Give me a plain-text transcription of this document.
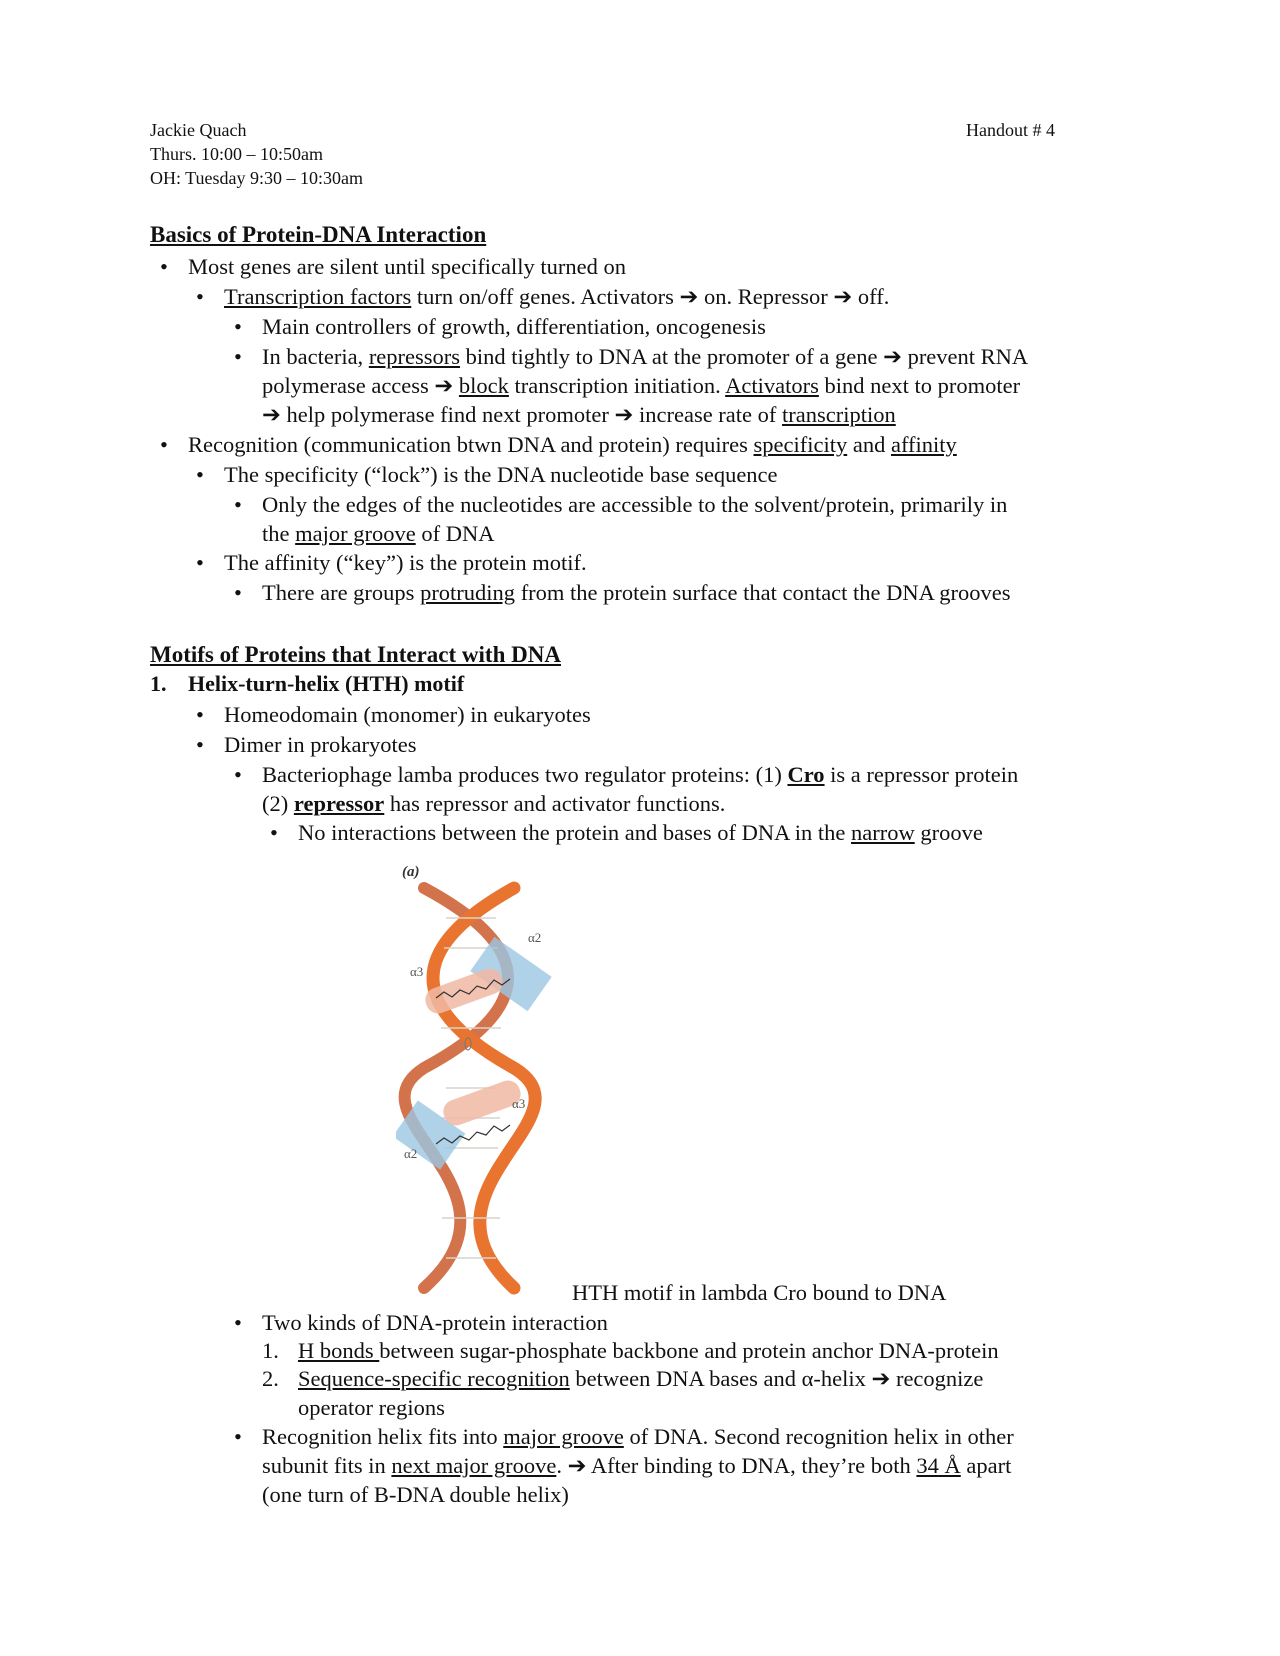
Jackie Quach
Thurs. 10:00 – 10:50am
OH: Tuesday 9:30 – 10:30am
Handout # 4
Basics of Protein-DNA Interaction
• Most genes are silent until specifically turned on
• Transcription factors turn on/off genes. Activators ➔ on. Repressor ➔ off.
• Main controllers of growth, differentiation, oncogenesis
• In bacteria, repressors bind tightly to DNA at the promoter of a gene ➔ prevent RNA
polymerase access ➔ block transcription initiation. Activators bind next to promoter
➔ help polymerase find next promoter ➔ increase rate of transcription
• Recognition (communication btwn DNA and protein) requires specificity and affinity
• The specificity (“lock”) is the DNA nucleotide base sequence
• Only the edges of the nucleotides are accessible to the solvent/protein, primarily in
the major groove of DNA
• The affinity (“key”) is the protein motif.
• There are groups protruding from the protein surface that contact the DNA grooves
Motifs of Proteins that Interact with DNA
1. Helix-turn-helix (HTH) motif
• Homeodomain (monomer) in eukaryotes
• Dimer in prokaryotes
• Bacteriophage lamba produces two regulator proteins: (1) Cro is a repressor protein
(2) repressor has repressor and activator functions.
• No interactions between the protein and bases of DNA in the narrow groove
(a)
α2
α3
α3
α2
HTH motif in lambda Cro bound to DNA
• Two kinds of DNA-protein interaction
1. H bonds between sugar-phosphate backbone and protein anchor DNA-protein
2. Sequence-specific recognition between DNA bases and α-helix ➔ recognize
operator regions
• Recognition helix fits into major groove of DNA. Second recognition helix in other
subunit fits in next major groove. ➔ After binding to DNA, they’re both 34 Å apart
(one turn of B-DNA double helix)
